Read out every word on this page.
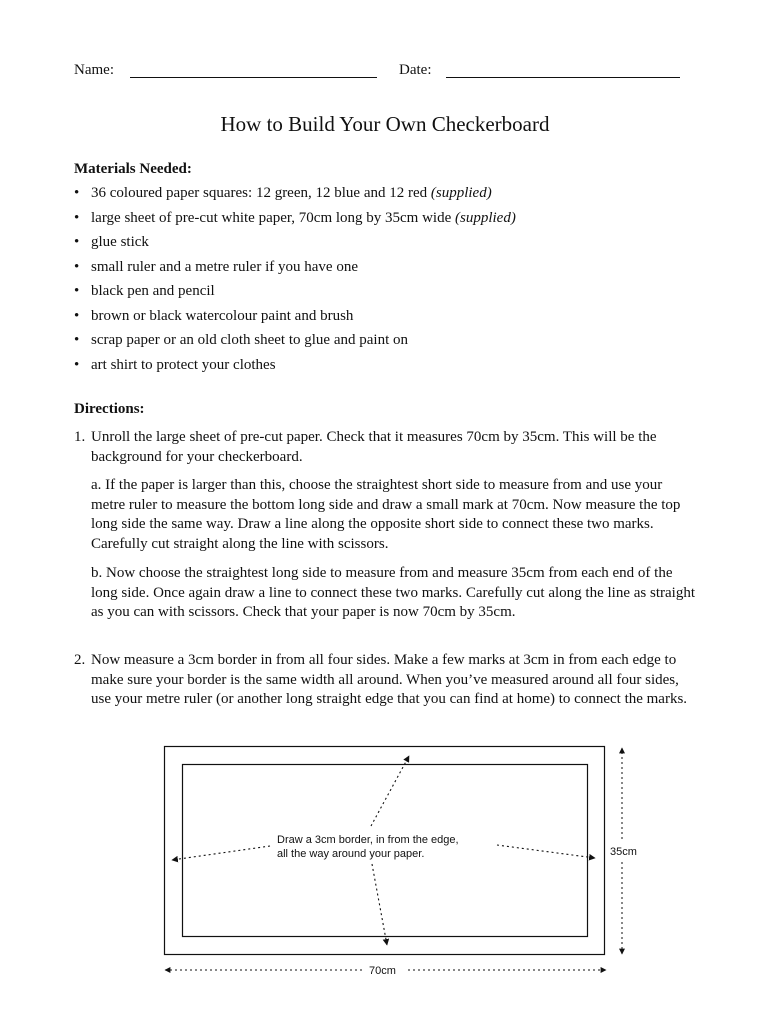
Name:	Date:
How to Build Your Own Checkerboard
Materials Needed:
• 36 coloured paper squares: 12 green, 12 blue and 12 red (supplied)
• large sheet of pre-cut white paper, 70cm long by 35cm wide (supplied)
• glue stick
• small ruler and a metre ruler if you have one
• black pen and pencil
• brown or black watercolour paint and brush
• scrap paper or an old cloth sheet to glue and paint on
• art shirt to protect your clothes
Directions:
1. Unroll the large sheet of pre-cut paper. Check that it measures 70cm by 35cm. This will be the background for your checkerboard.
a. If the paper is larger than this, choose the straightest short side to measure from and use your metre ruler to measure the bottom long side and draw a small mark at 70cm. Now measure the top long side the same way. Draw a line along the opposite short side to connect these two marks. Carefully cut straight along the line with scissors.
b. Now choose the straightest long side to measure from and measure 35cm from each end of the long side. Once again draw a line to connect these two marks. Carefully cut along the line as straight as you can with scissors. Check that your paper is now 70cm by 35cm.
2. Now measure a 3cm border in from all four sides. Make a few marks at 3cm in from each edge to make sure your border is the same width all around. When you’ve measured around all four sides, use your metre ruler (or another long straight edge that you can find at home) to connect the marks.
Draw a 3cm border, in from the edge,
all the way around your paper.	35cm
70cm
